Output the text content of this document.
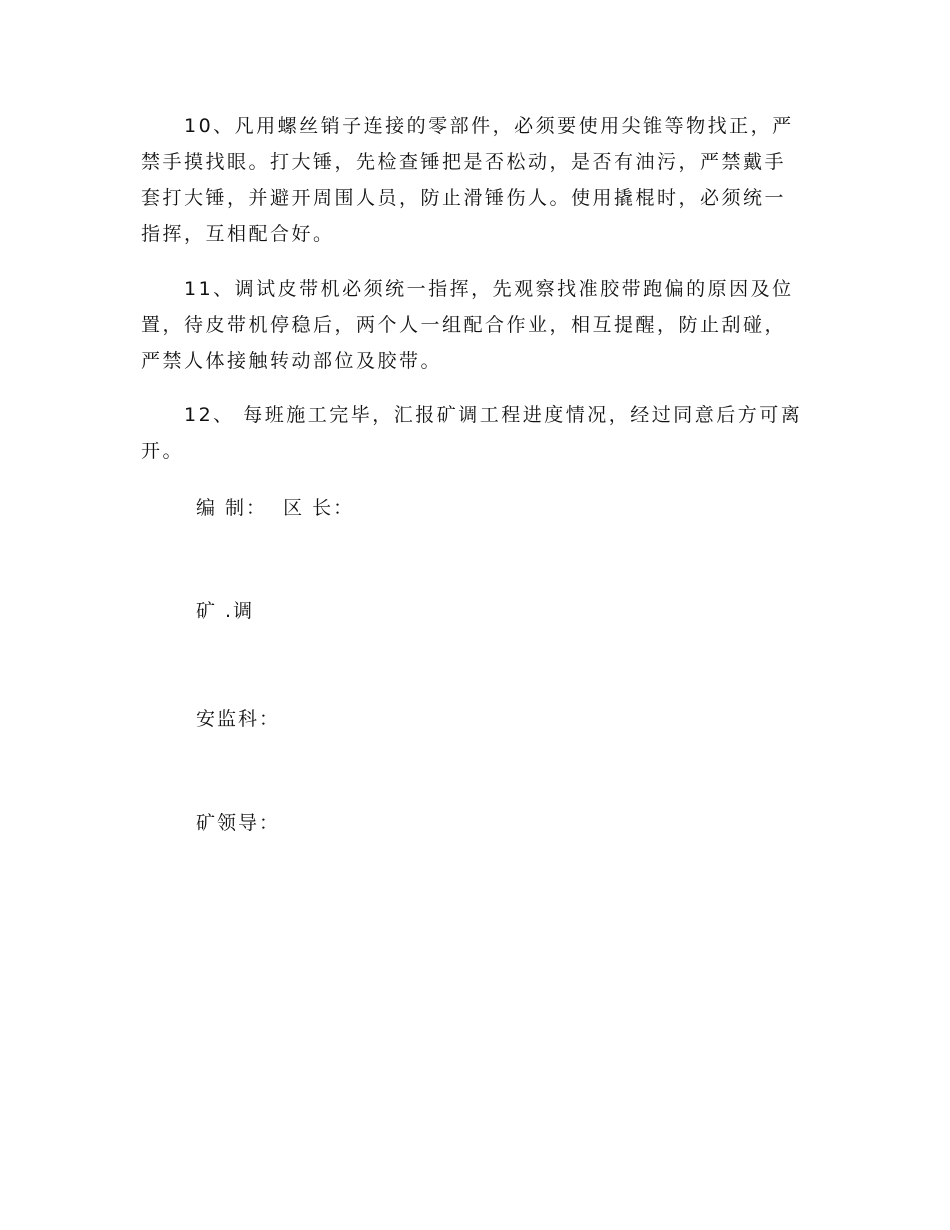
10、凡用螺丝销子连接的零部件，必须要使用尖锥等物找正，严禁手摸找眼。打大锤，先检查锤把是否松动，是否有油污，严禁戴手套打大锤，并避开周围人员，防止滑锤伤人。使用撬棍时，必须统一指挥，互相配合好。

11、调试皮带机必须统一指挥，先观察找准胶带跑偏的原因及位置，待皮带机停稳后，两个人一组配合作业，相互提醒，防止刮碰，严禁人体接触转动部位及胶带。

12、 每班施工完毕，汇报矿调工程进度情况，经过同意后方可离开。

编 制：  区 长：

矿 .调

安监科：

矿领导：
